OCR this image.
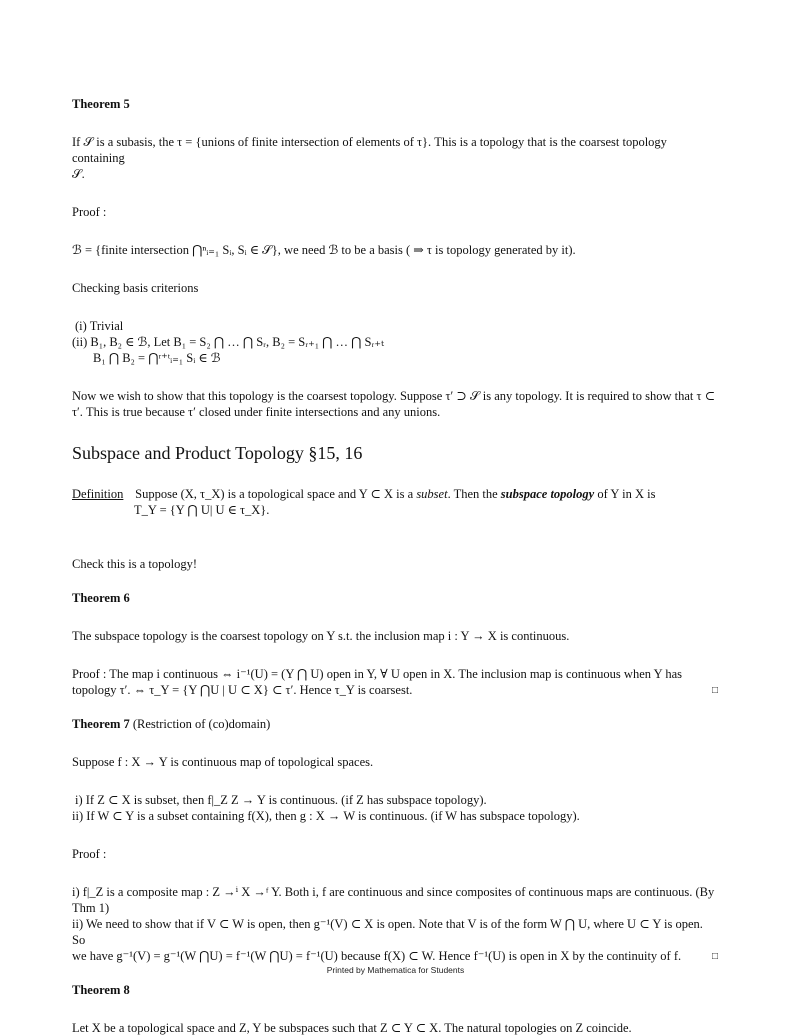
Theorem 5

If 𝒮 is a subasis, the τ = {unions of finite intersection of elements of τ}. This is a topology that is the coarsest topology containing

𝒮.

Proof :

ℬ = {finite intersection ⋂ⁿᵢ₌₁ Sᵢ, Sᵢ ∈ 𝒮}, we need ℬ to be a basis ( ⇒ τ is topology generated by it).

Checking basis criterions

(i) Trivial

(ii) B₁, B₂ ∈ ℬ, Let B₁ = S₂ ⋂ … ⋂ Sᵣ, B₂ = Sᵣ₊₁ ⋂ … ⋂ Sᵣ₊ₜ

B₁ ⋂ B₂ = ⋂ʳ⁺ᵗᵢ₌₁ Sᵢ ∈ ℬ

Now we wish to show that this topology is the coarsest topology. Suppose τ′ ⊃ 𝒮 is any topology. It is required to show that τ ⊂

τ′. This is true because τ′ closed under finite intersections and any unions.

Subspace and Product Topology §15, 16

Definition Suppose (X, τ_X) is a topological space and Y ⊂ X is a subset. Then the subspace topology of Y in X is

T_Y = {Y ⋂ U| U ∈ τ_X}.

Check this is a topology!

Theorem 6

The subspace topology is the coarsest topology on Y s.t. the inclusion map i : Y → X is continuous.

Proof : The map i continuous ⇔ i⁻¹(U) = (Y ⋂ U) open in Y, ∀ U open in X. The inclusion map is continuous when Y has

topology τ′. ⇔ τ_Y = {Y ⋂U | U ⊂ X} ⊂ τ′. Hence τ_Y is coarsest.	□

Theorem 7 (Restriction of (co)domain)

Suppose f : X → Y is continuous map of topological spaces.

i) If Z ⊂ X is subset, then f|_Z Z → Y is continuous. (if Z has subspace topology).

ii) If W ⊂ Y is a subset containing f(X), then g : X → W is continuous. (if W has subspace topology).

Proof :

i) f|_Z is a composite map : Z →ⁱ X →ᶠ Y. Both i, f are continuous and since composites of continuous maps are continuous. (By

Thm 1)

ii) We need to show that if V ⊂ W is open, then g⁻¹(V) ⊂ X is open. Note that V is of the form W ⋂ U, where U ⊂ Y is open. So

we have g⁻¹(V) = g⁻¹(W ⋂U) = f⁻¹(W ⋂U) = f⁻¹(U) because f(X) ⊂ W. Hence f⁻¹(U) is open in X by the continuity of f.	□

Theorem 8

Let X be a topological space and Z, Y be subspaces such that Z ⊂ Y ⊂ X. The natural topologies on Z coincide.

Printed by Mathematica for Students
